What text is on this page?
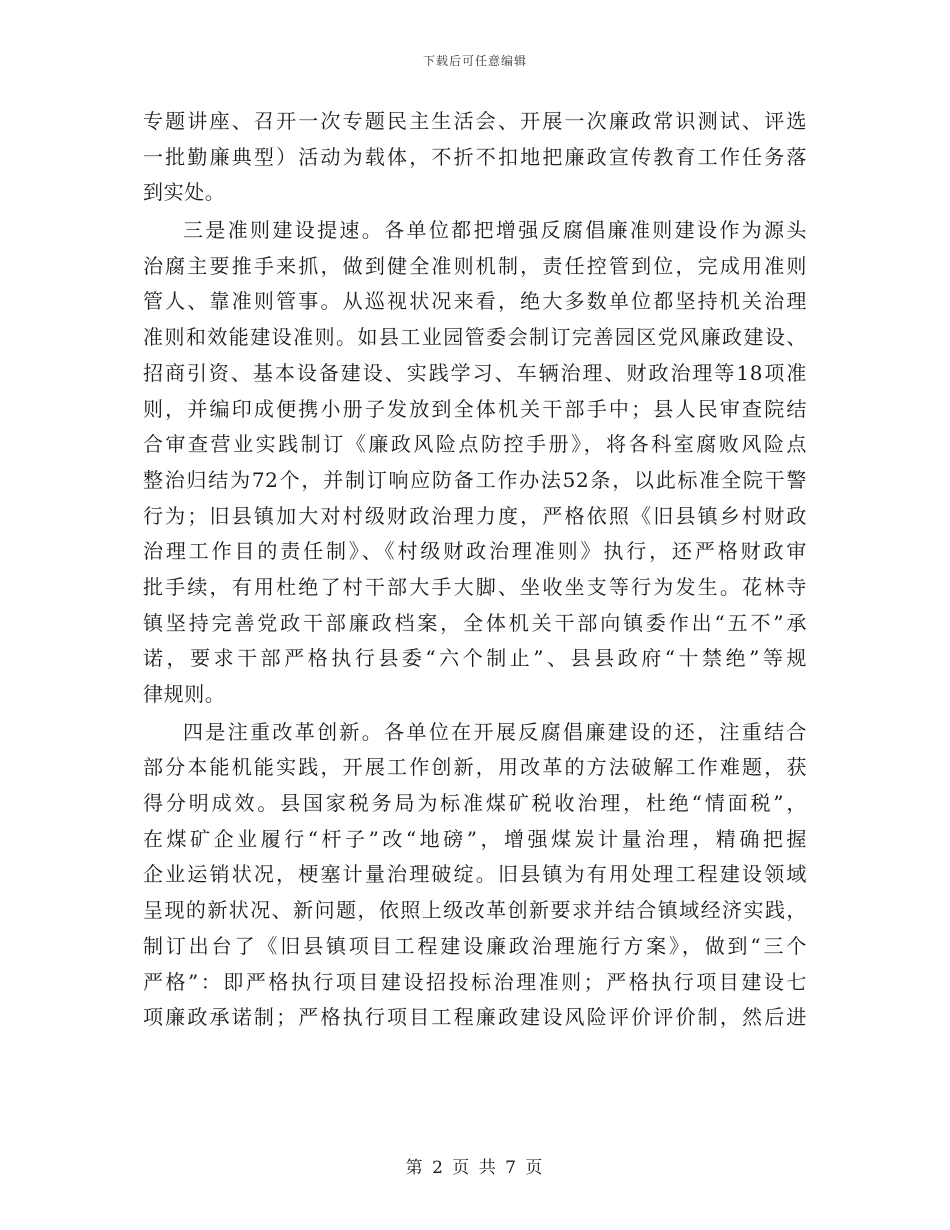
下载后可任意编辑
专题讲座、召开一次专题民主生活会、开展一次廉政常识测试、评选
一批勤廉典型）活动为载体，不折不扣地把廉政宣传教育工作任务落
到实处。
三是准则建设提速。各单位都把增强反腐倡廉准则建设作为源头
治腐主要推手来抓，做到健全准则机制，责任控管到位，完成用准则
管人、靠准则管事。从巡视状况来看，绝大多数单位都坚持机关治理
准则和效能建设准则。如县工业园管委会制订完善园区党风廉政建设、
招商引资、基本设备建设、实践学习、车辆治理、财政治理等18项准
则，并编印成便携小册子发放到全体机关干部手中；县人民审查院结
合审查营业实践制订《廉政风险点防控手册》，将各科室腐败风险点
整治归结为72个，并制订响应防备工作办法52条，以此标准全院干警
行为；旧县镇加大对村级财政治理力度，严格依照《旧县镇乡村财政
治理工作目的责任制》、《村级财政治理准则》执行，还严格财政审
批手续，有用杜绝了村干部大手大脚、坐收坐支等行为发生。花林寺
镇坚持完善党政干部廉政档案，全体机关干部向镇委作出“五不”承
诺，要求干部严格执行县委“六个制止”、县县政府“十禁绝”等规
律规则。
四是注重改革创新。各单位在开展反腐倡廉建设的还，注重结合
部分本能机能实践，开展工作创新，用改革的方法破解工作难题，获
得分明成效。县国家税务局为标准煤矿税收治理，杜绝“情面税”，
在煤矿企业履行“杆子”改“地磅”，增强煤炭计量治理，精确把握
企业运销状况，梗塞计量治理破绽。旧县镇为有用处理工程建设领域
呈现的新状况、新问题，依照上级改革创新要求并结合镇域经济实践，
制订出台了《旧县镇项目工程建设廉政治理施行方案》，做到“三个
严格”：即严格执行项目建设招投标治理准则；严格执行项目建设七
项廉政承诺制；严格执行项目工程廉政建设风险评价评价制，然后进
第 2 页 共 7 页
